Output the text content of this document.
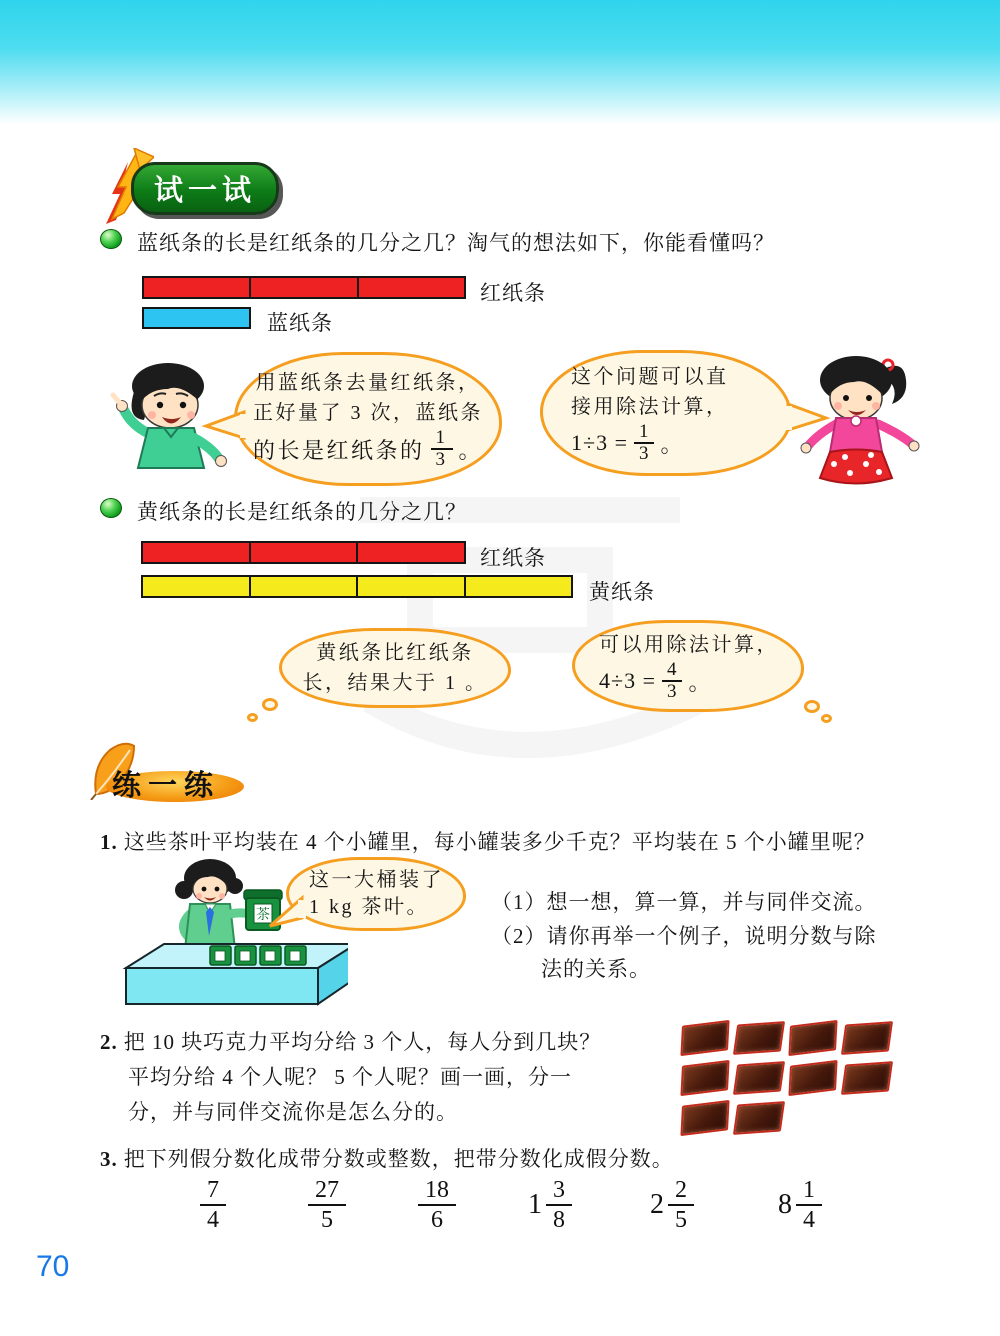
试一试
蓝纸条的长是红纸条的几分之几？淘气的想法如下，你能看懂吗？
红纸条
蓝纸条
用蓝纸条去量红纸条，
正好量了 3 次，蓝纸条
的长是红纸条的 $\frac{1}{3}$ 。
这个问题可以直
接用除法计算，
$1\div 3 = \frac{1}{3}$ 。
黄纸条的长是红纸条的几分之几？
红纸条
黄纸条
黄纸条比红纸条
长，结果大于 1 。
可以用除法计算，
$4\div 3 = \frac{4}{3}$ 。
练一练
1. 这些茶叶平均装在 4 个小罐里，每小罐装多少千克？平均装在 5 个小罐里呢？
茶
这一大桶装了
1 kg 茶叶。	（1）想一想，算一算，并与同伴交流。
（2）请你再举一个例子，说明分数与除
法的关系。
2. 把 10 块巧克力平均分给 3 个人，每人分到几块？
平均分给 4 个人呢？ 5 个人呢？画一画，分一
分，并与同伴交流你是怎么分的。
3. 把下列假分数化成带分数或整数，把带分数化成假分数。
7
4
27
5
18
6	1 3
8	2 2
5	8 1
4
70
